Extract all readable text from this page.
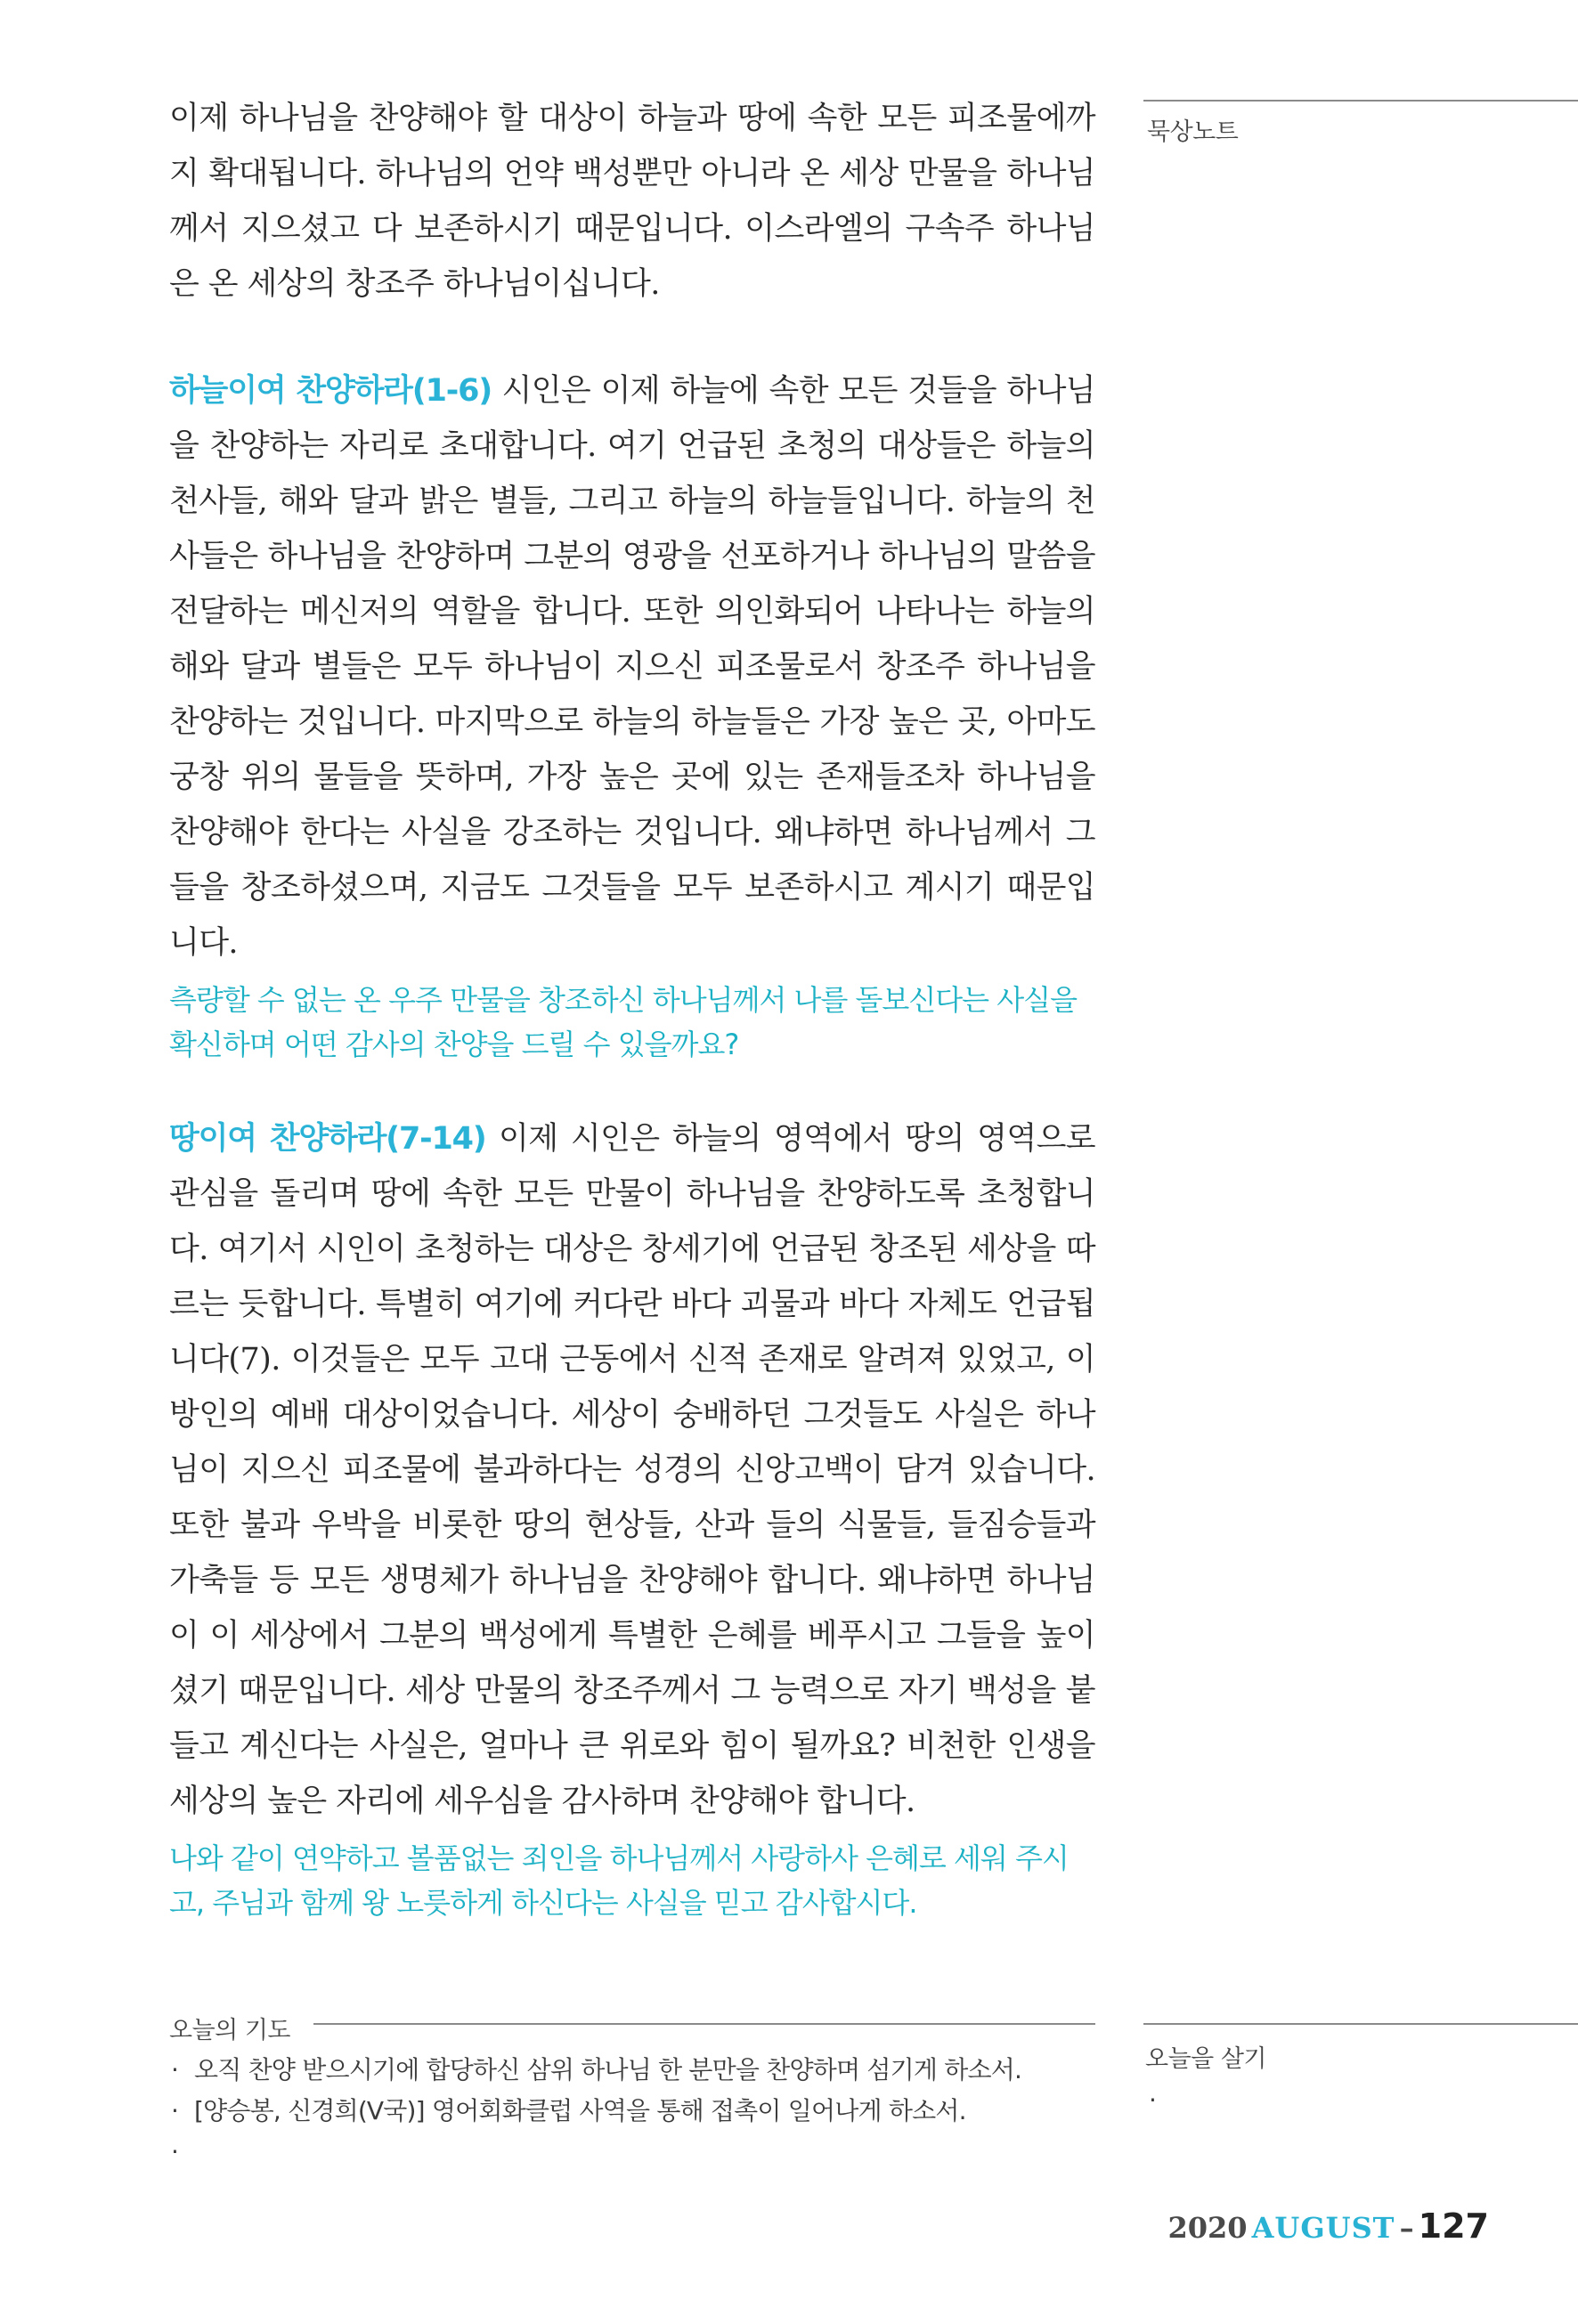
이제 하나님을 찬양해야 할 대상이 하늘과 땅에 속한 모든 피조물에까지 확대됩니다. 하나님의 언약 백성뿐만 아니라 온 세상 만물을 하나님께서 지으셨고 다 보존하시기 때문입니다. 이스라엘의 구속주 하나님은 온 세상의 창조주 하나님이십니다.

하늘이여 찬양하라(1-6) 시인은 이제 하늘에 속한 모든 것들을 하나님을 찬양하는 자리로 초대합니다. 여기 언급된 초청의 대상들은 하늘의 천사들, 해와 달과 밝은 별들, 그리고 하늘의 하늘들입니다. 하늘의 천사들은 하나님을 찬양하며 그분의 영광을 선포하거나 하나님의 말씀을 전달하는 메신저의 역할을 합니다. 또한 의인화되어 나타나는 하늘의 해와 달과 별들은 모두 하나님이 지으신 피조물로서 창조주 하나님을 찬양하는 것입니다. 마지막으로 하늘의 하늘들은 가장 높은 곳, 아마도 궁창 위의 물들을 뜻하며, 가장 높은 곳에 있는 존재들조차 하나님을 찬양해야 한다는 사실을 강조하는 것입니다. 왜냐하면 하나님께서 그들을 창조하셨으며, 지금도 그것들을 모두 보존하시고 계시기 때문입니다.

측량할 수 없는 온 우주 만물을 창조하신 하나님께서 나를 돌보신다는 사실을 확신하며 어떤 감사의 찬양을 드릴 수 있을까요?

땅이여 찬양하라(7-14) 이제 시인은 하늘의 영역에서 땅의 영역으로 관심을 돌리며 땅에 속한 모든 만물이 하나님을 찬양하도록 초청합니다. 여기서 시인이 초청하는 대상은 창세기에 언급된 창조된 세상을 따르는 듯합니다. 특별히 여기에 커다란 바다 괴물과 바다 자체도 언급됩니다(7). 이것들은 모두 고대 근동에서 신적 존재로 알려져 있었고, 이방인의 예배 대상이었습니다. 세상이 숭배하던 그것들도 사실은 하나님이 지으신 피조물에 불과하다는 성경의 신앙고백이 담겨 있습니다. 또한 불과 우박을 비롯한 땅의 현상들, 산과 들의 식물들, 들짐승들과 가축들 등 모든 생명체가 하나님을 찬양해야 합니다. 왜냐하면 하나님이 이 세상에서 그분의 백성에게 특별한 은혜를 베푸시고 그들을 높이셨기 때문입니다. 세상 만물의 창조주께서 그 능력으로 자기 백성을 붙들고 계신다는 사실은, 얼마나 큰 위로와 힘이 될까요? 비천한 인생을 세상의 높은 자리에 세우심을 감사하며 찬양해야 합니다.

나와 같이 연약하고 볼품없는 죄인을 하나님께서 사랑하사 은혜로 세워 주시고, 주님과 함께 왕 노릇하게 하신다는 사실을 믿고 감사합시다.

묵상노트
오늘의 기도
· 오직 찬양 받으시기에 합당하신 삼위 하나님 한 분만을 찬양하며 섬기게 하소서.
· [양승봉, 신경희(V국)] 영어회화클럽 사역을 통해 접촉이 일어나게 하소서.
·
오늘을 살기
·
2020 AUGUST – 127
